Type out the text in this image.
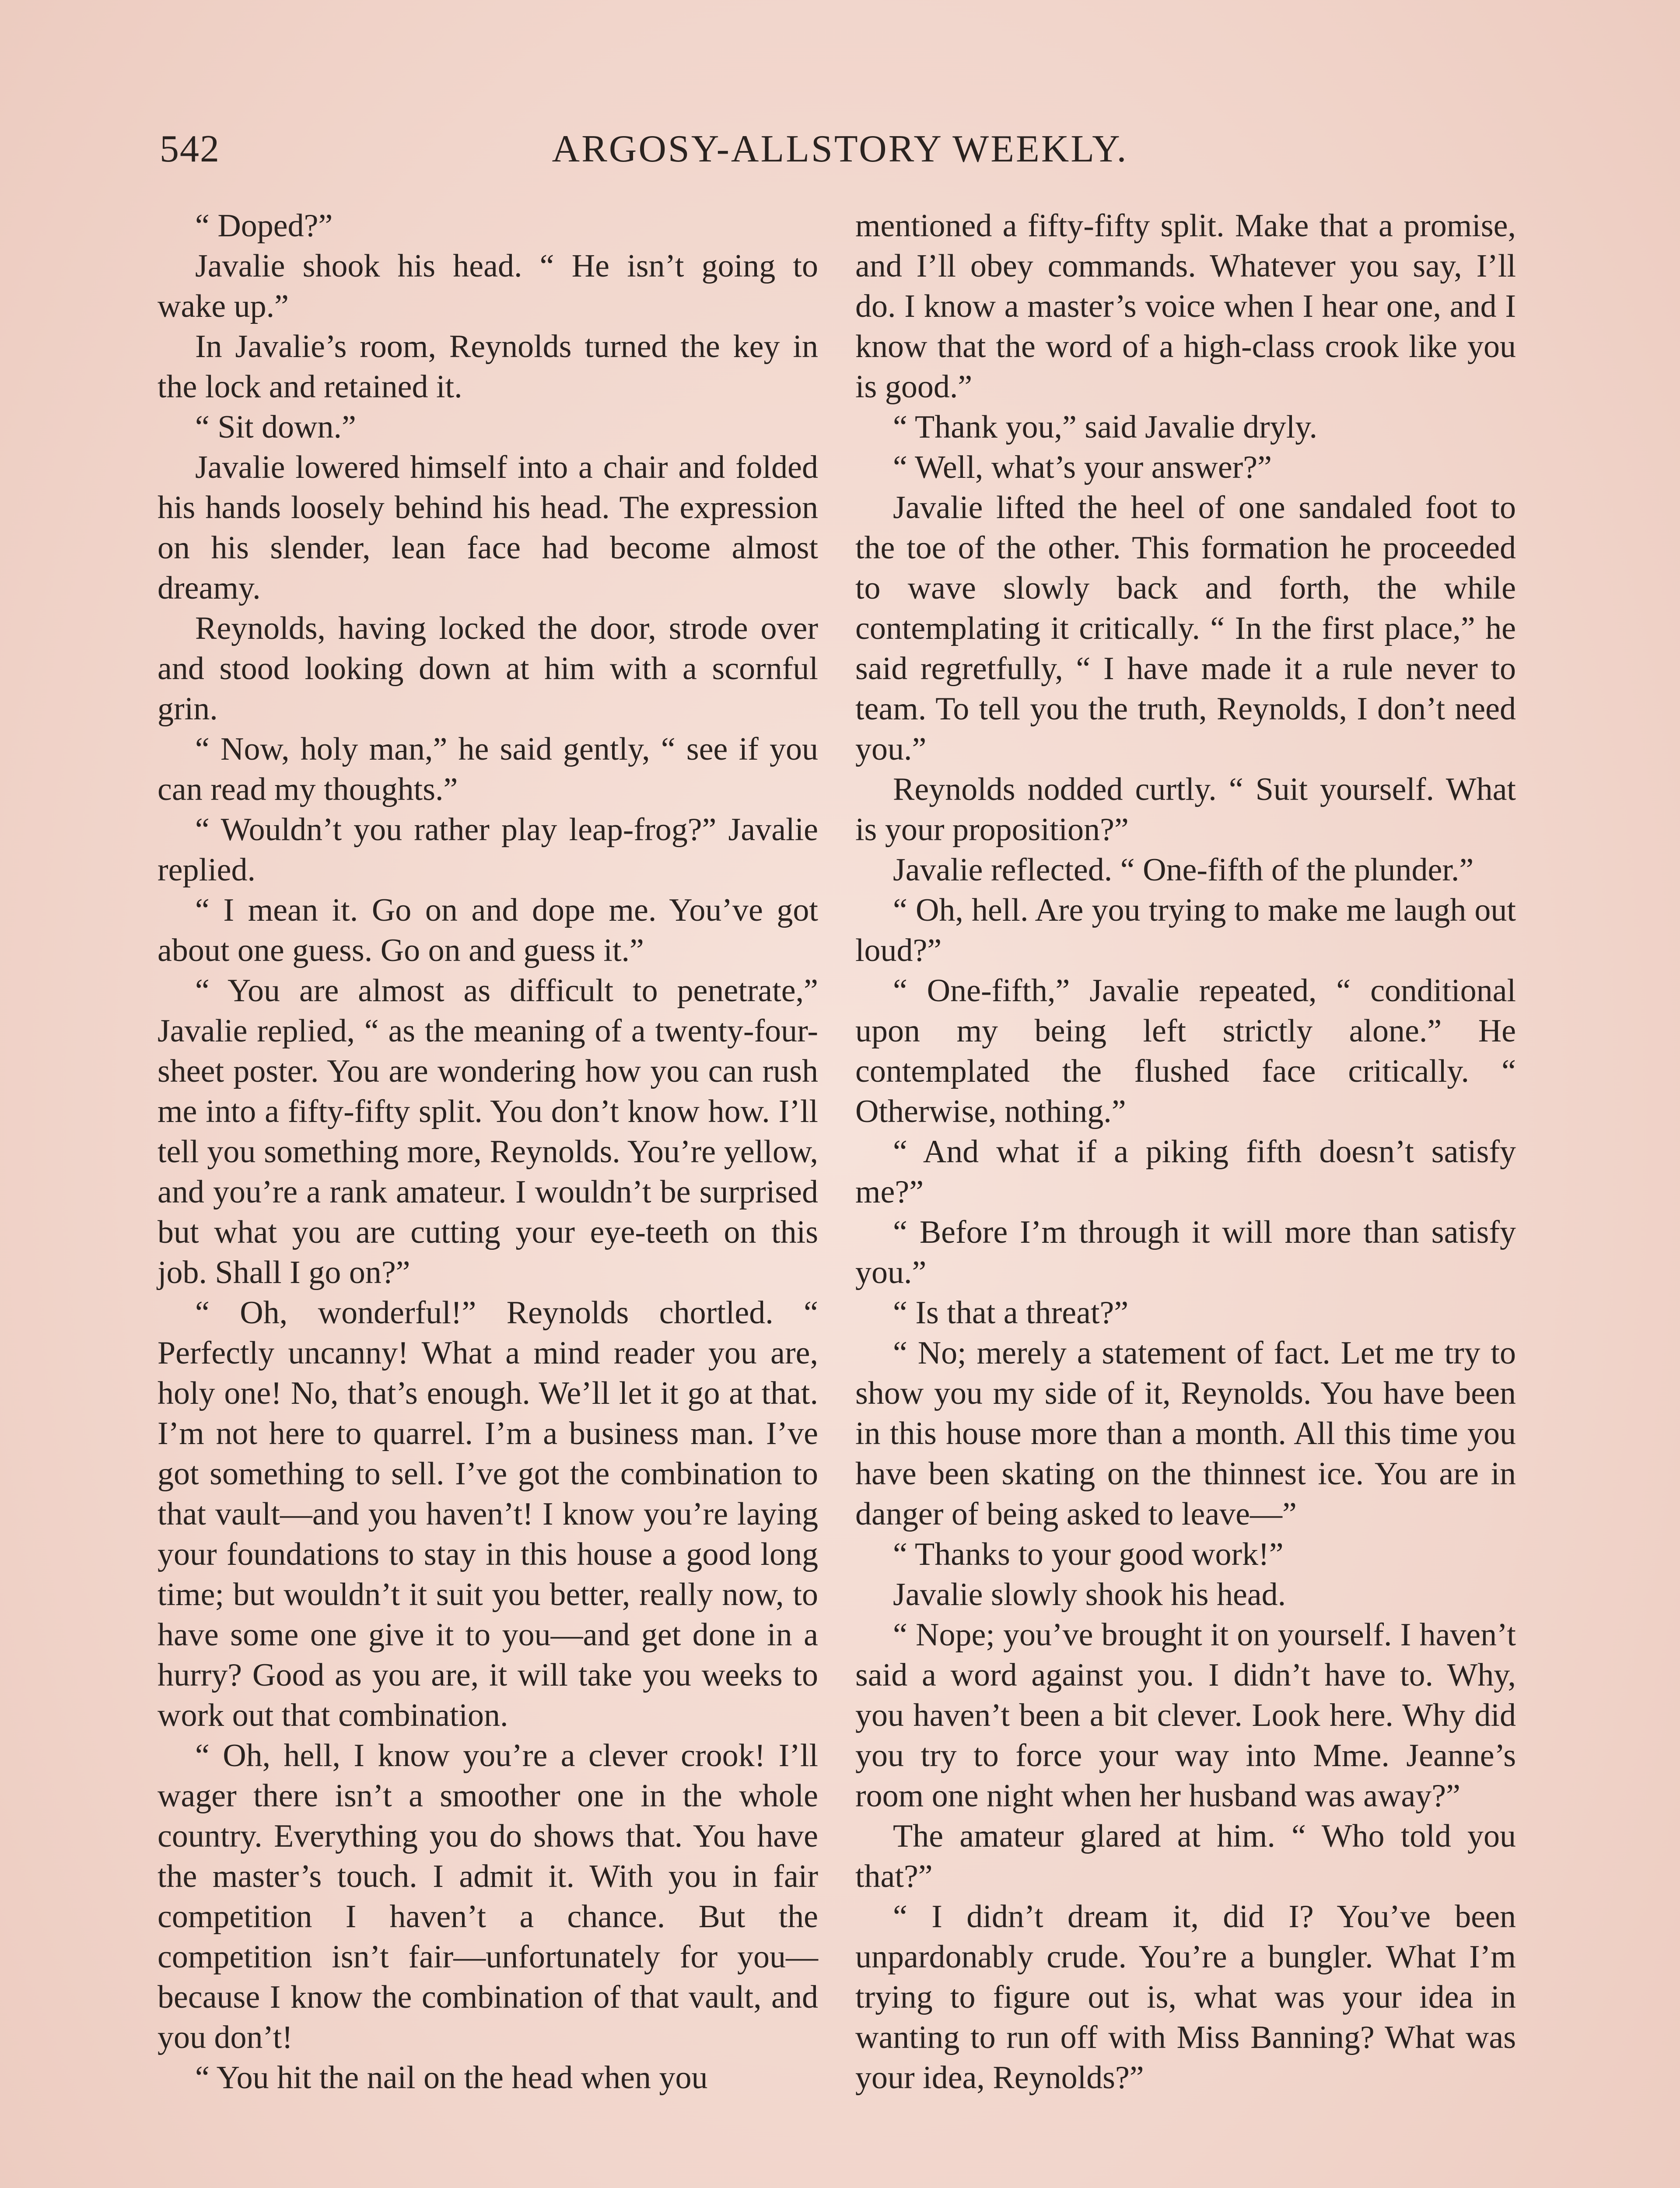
542	ARGOSY-ALLSTORY WEEKLY.

“ Doped?”

Javalie shook his head. “ He isn’t going to wake up.”

In Javalie’s room, Reynolds turned the key in the lock and retained it.

“ Sit down.”

Javalie lowered himself into a chair and folded his hands loosely behind his head. The expression on his slender, lean face had become almost dreamy.

Reynolds, having locked the door, strode over and stood looking down at him with a scornful grin.

“ Now, holy man,” he said gently, “ see if you can read my thoughts.”

“ Wouldn’t you rather play leap-frog?” Javalie replied.

“ I mean it. Go on and dope me. You’ve got about one guess. Go on and guess it.”

“ You are almost as difficult to penetrate,” Javalie replied, “ as the meaning of a twenty-four-sheet poster. You are wondering how you can rush me into a fifty-fifty split. You don’t know how. I’ll tell you something more, Reynolds. You’re yellow, and you’re a rank amateur. I wouldn’t be surprised but what you are cutting your eye-teeth on this job. Shall I go on?”

“ Oh, wonderful!” Reynolds chortled. “ Perfectly uncanny! What a mind reader you are, holy one! No, that’s enough. We’ll let it go at that. I’m not here to quarrel. I’m a business man. I’ve got something to sell. I’ve got the combination to that vault—and you haven’t! I know you’re laying your foundations to stay in this house a good long time; but wouldn’t it suit you better, really now, to have some one give it to you—and get done in a hurry? Good as you are, it will take you weeks to work out that combination.

“ Oh, hell, I know you’re a clever crook! I’ll wager there isn’t a smoother one in the whole country. Everything you do shows that. You have the master’s touch. I admit it. With you in fair competition I haven’t a chance. But the competition isn’t fair—unfortunately for you—because I know the combination of that vault, and you don’t!

“ You hit the nail on the head when you

mentioned a fifty-fifty split. Make that a promise, and I’ll obey commands. Whatever you say, I’ll do. I know a master’s voice when I hear one, and I know that the word of a high-class crook like you is good.”

“ Thank you,” said Javalie dryly.

“ Well, what’s your answer?”

Javalie lifted the heel of one sandaled foot to the toe of the other. This formation he proceeded to wave slowly back and forth, the while contemplating it critically. “ In the first place,” he said regretfully, “ I have made it a rule never to team. To tell you the truth, Reynolds, I don’t need you.”

Reynolds nodded curtly. “ Suit yourself. What is your proposition?”

Javalie reflected. “ One-fifth of the plunder.”

“ Oh, hell. Are you trying to make me laugh out loud?”

“ One-fifth,” Javalie repeated, “ conditional upon my being left strictly alone.” He contemplated the flushed face critically. “ Otherwise, nothing.”

“ And what if a piking fifth doesn’t satisfy me?”

“ Before I’m through it will more than satisfy you.”

“ Is that a threat?”

“ No; merely a statement of fact. Let me try to show you my side of it, Reynolds. You have been in this house more than a month. All this time you have been skating on the thinnest ice. You are in danger of being asked to leave—”

“ Thanks to your good work!”

Javalie slowly shook his head.

“ Nope; you’ve brought it on yourself. I haven’t said a word against you. I didn’t have to. Why, you haven’t been a bit clever. Look here. Why did you try to force your way into Mme. Jeanne’s room one night when her husband was away?”

The amateur glared at him. “ Who told you that?”

“ I didn’t dream it, did I? You’ve been unpardonably crude. You’re a bungler. What I’m trying to figure out is, what was your idea in wanting to run off with Miss Banning? What was your idea, Reynolds?”
